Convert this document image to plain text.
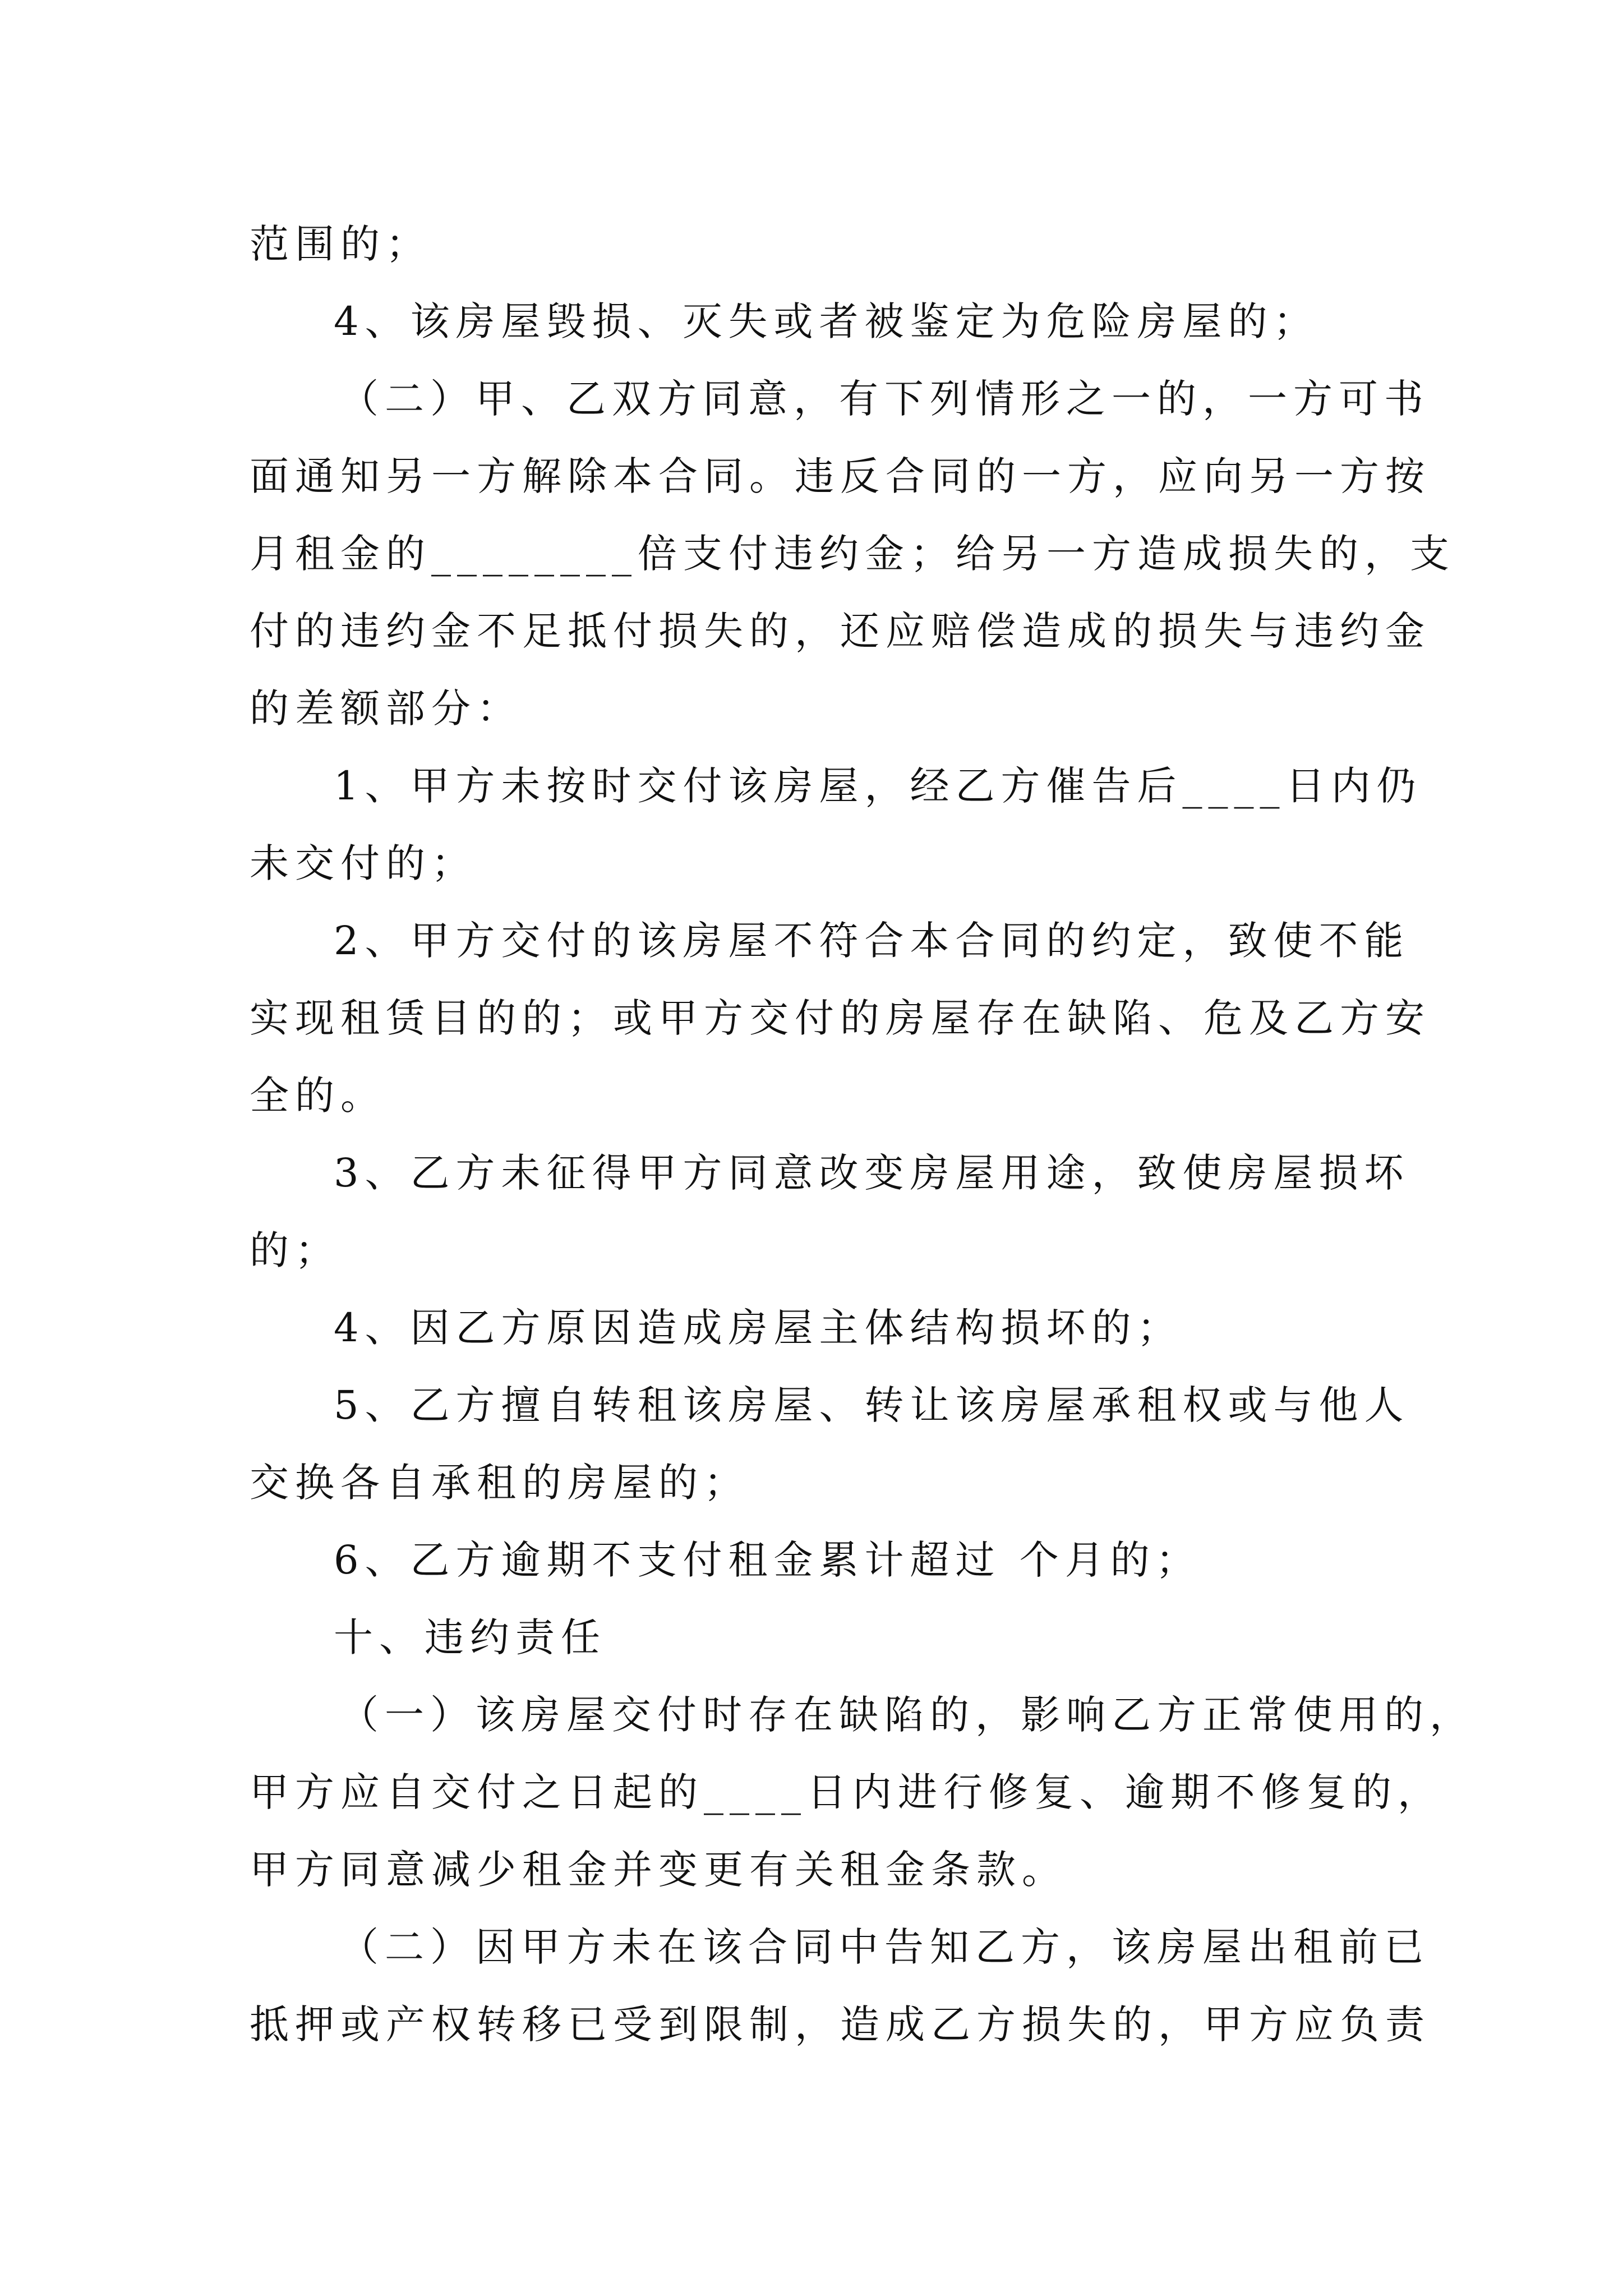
范围的；
4、该房屋毁损、灭失或者被鉴定为危险房屋的；
（二）甲、乙双方同意，有下列情形之一的，一方可书
面通知另一方解除本合同。违反合同的一方，应向另一方按
月租金的________倍支付违约金；给另一方造成损失的，支
付的违约金不足抵付损失的，还应赔偿造成的损失与违约金
的差额部分：
1、甲方未按时交付该房屋，经乙方催告后____日内仍
未交付的；
2、甲方交付的该房屋不符合本合同的约定，致使不能
实现租赁目的的；或甲方交付的房屋存在缺陷、危及乙方安
全的。
3、乙方未征得甲方同意改变房屋用途，致使房屋损坏
的；
4、因乙方原因造成房屋主体结构损坏的；
5、乙方擅自转租该房屋、转让该房屋承租权或与他人
交换各自承租的房屋的；
6、乙方逾期不支付租金累计超过 个月的；
十、违约责任
（一）该房屋交付时存在缺陷的，影响乙方正常使用的，
甲方应自交付之日起的____日内进行修复、逾期不修复的，
甲方同意减少租金并变更有关租金条款。
（二）因甲方未在该合同中告知乙方，该房屋出租前已
抵押或产权转移已受到限制，造成乙方损失的，甲方应负责
